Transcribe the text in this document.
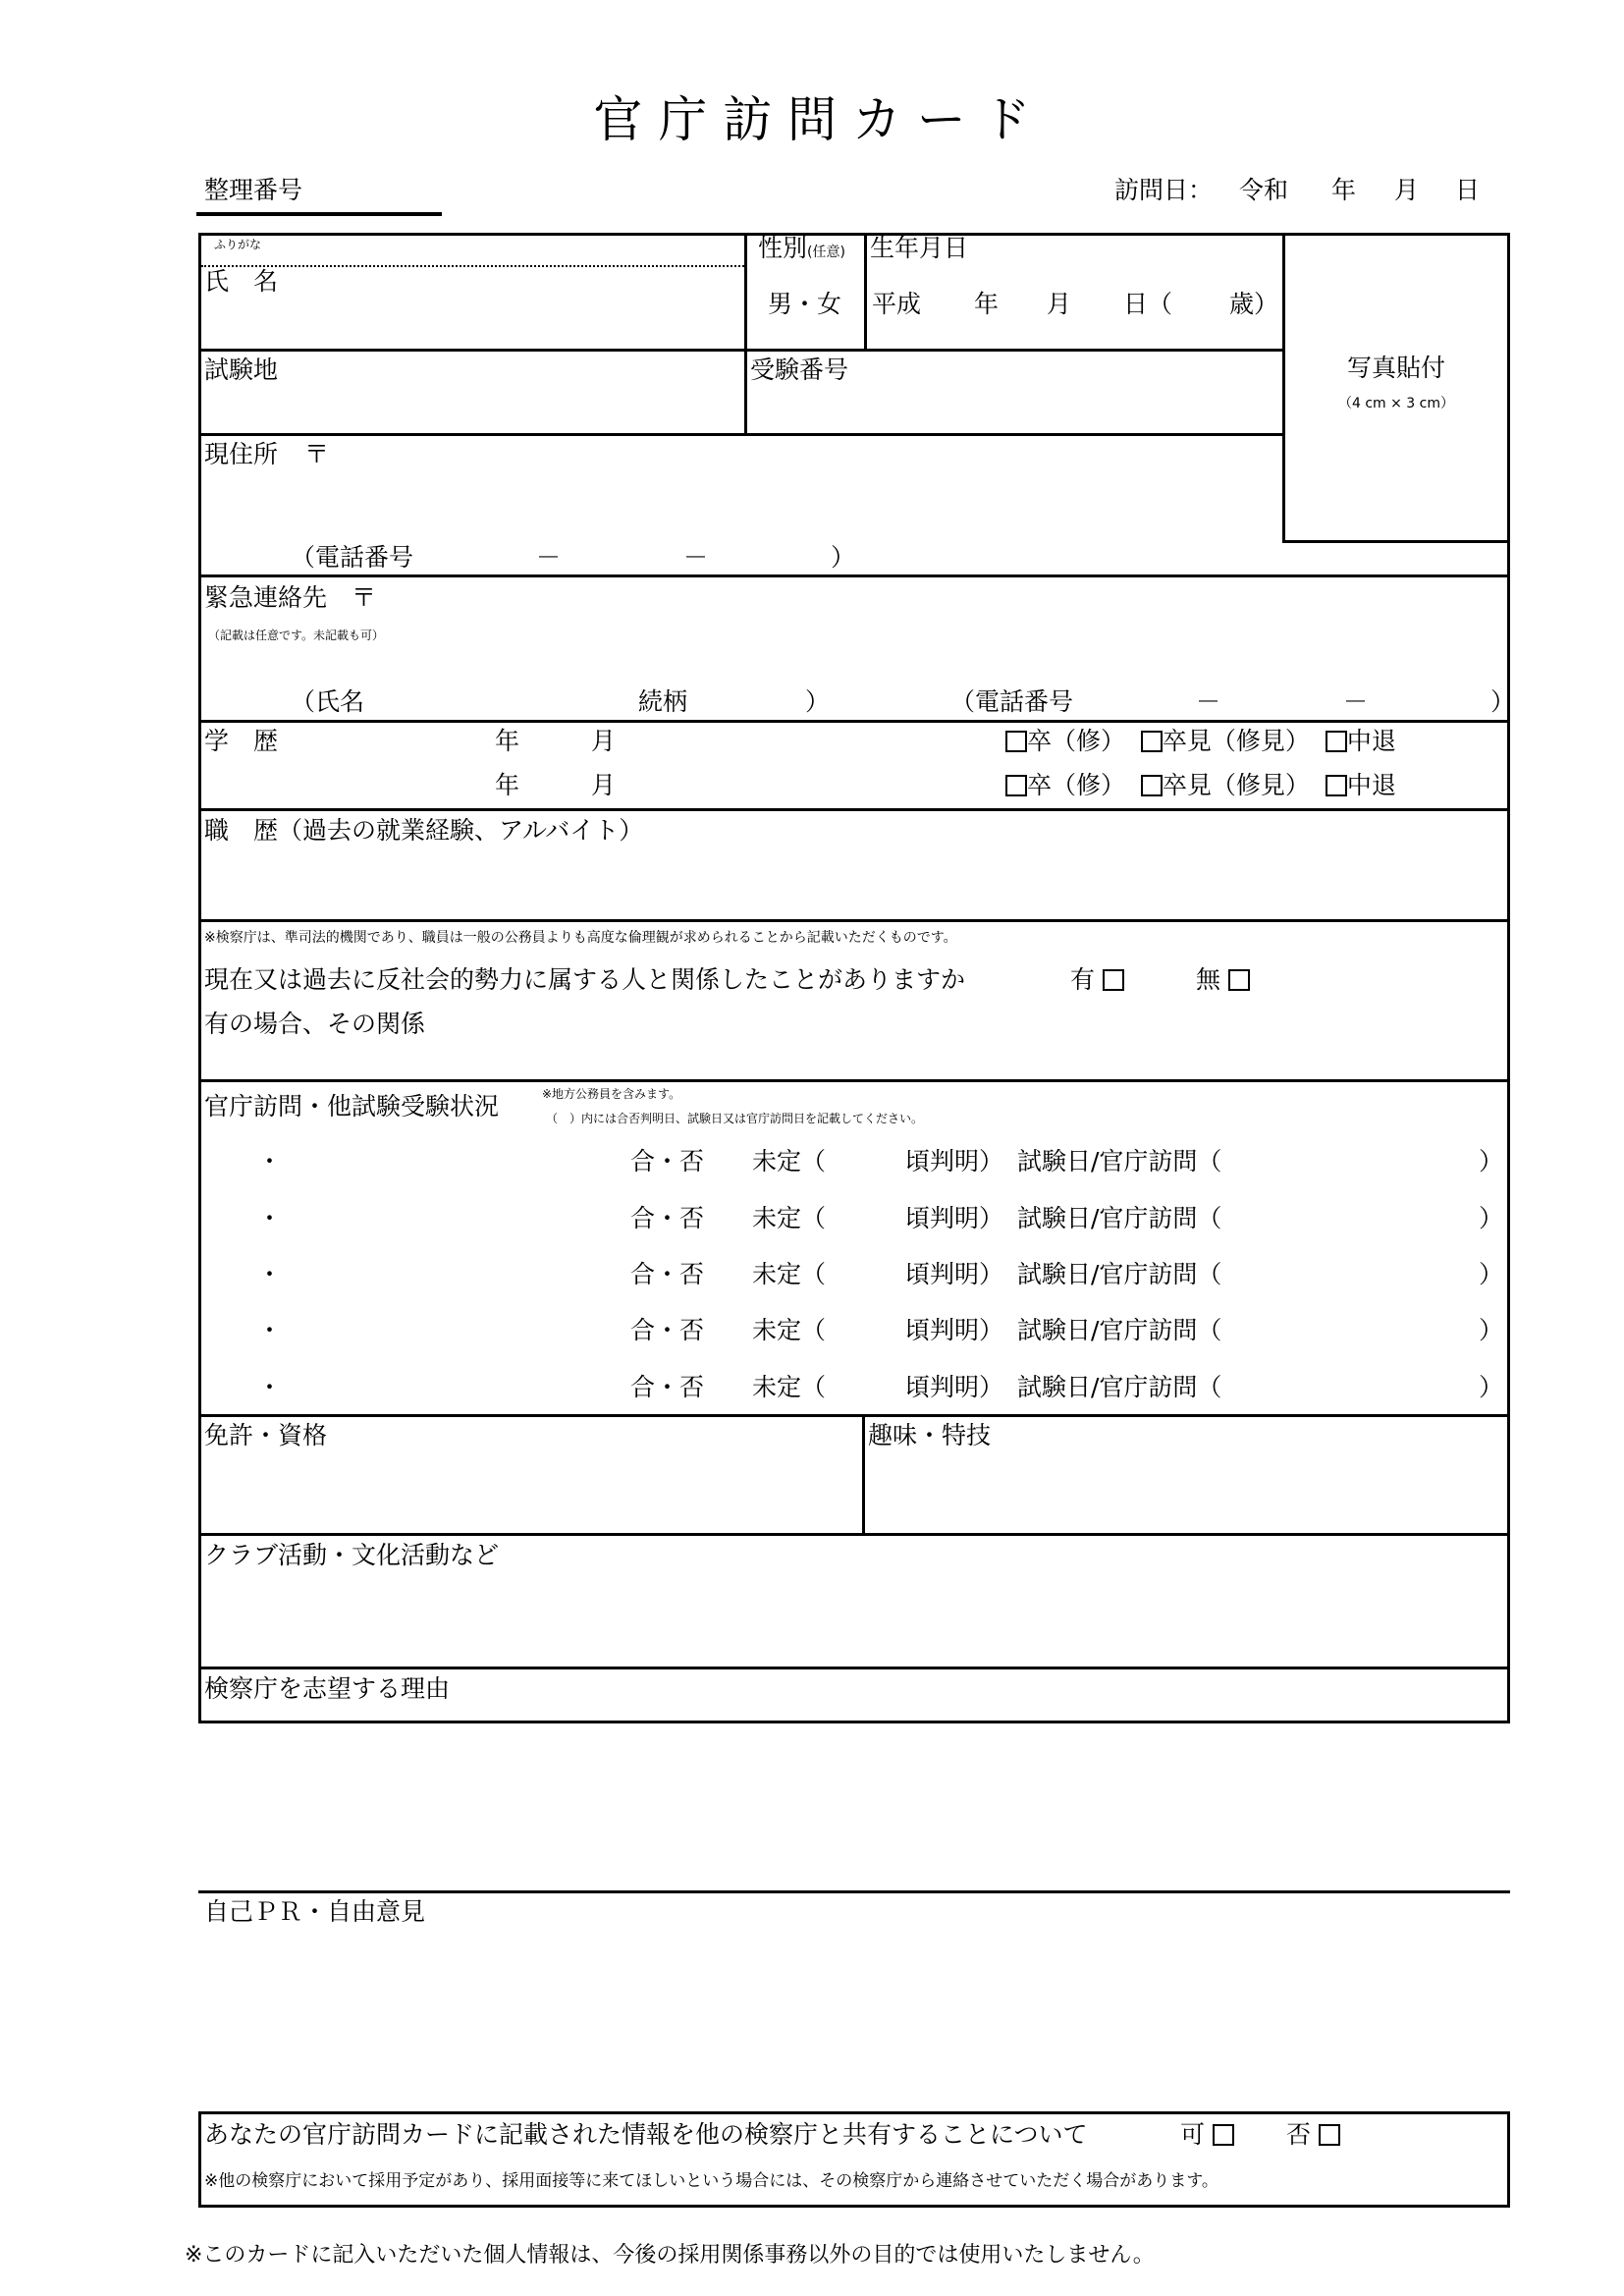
官 庁 訪 問 カ ー ド
整理番号	訪問日： 令和 年 月 日
ふりがな
氏　名
性別(任意)
男・女
生年月日
平成 年 月 日（ 歳）
写真貼付
（4 cm × 3 cm）
試験地	受験番号
現住所 〒
（電話番号　　　　　－　　　　　－　　　　　）
緊急連絡先 〒
（記載は任意です。未記載も可）
（氏名	続柄	）	（電話番号　　　　　－　　　　　－　　　　　）
学　歴	年	月	卒（修） 卒見（修見） 中退
年	月	卒（修） 卒見（修見） 中退
職　歴（過去の就業経験、アルバイト）
※検察庁は、準司法的機関であり、職員は一般の公務員よりも高度な倫理観が求められることから記載いただくものです。
現在又は過去に反社会的勢力に属する人と関係したことがありますか	有	無
有の場合、その関係
官庁訪問・他試験受験状況	※地方公務員を含みます。
（　）内には合否判明日、試験日又は官庁訪問日を記載してください。
・	合・否 未定（	頃判明） 試験日/官庁訪問（	）
・	合・否 未定（	頃判明） 試験日/官庁訪問（	）
・	合・否 未定（	頃判明） 試験日/官庁訪問（	）
・	合・否 未定（	頃判明） 試験日/官庁訪問（	）
・	合・否 未定（	頃判明） 試験日/官庁訪問（	）
免許・資格	趣味・特技
クラブ活動・文化活動など
検察庁を志望する理由
自己ＰＲ・自由意見
あなたの官庁訪問カードに記載された情報を他の検察庁と共有することについて	可	否
※他の検察庁において採用予定があり、採用面接等に来てほしいという場合には、その検察庁から連絡させていただく場合があります。
※このカードに記入いただいた個人情報は、今後の採用関係事務以外の目的では使用いたしません。
